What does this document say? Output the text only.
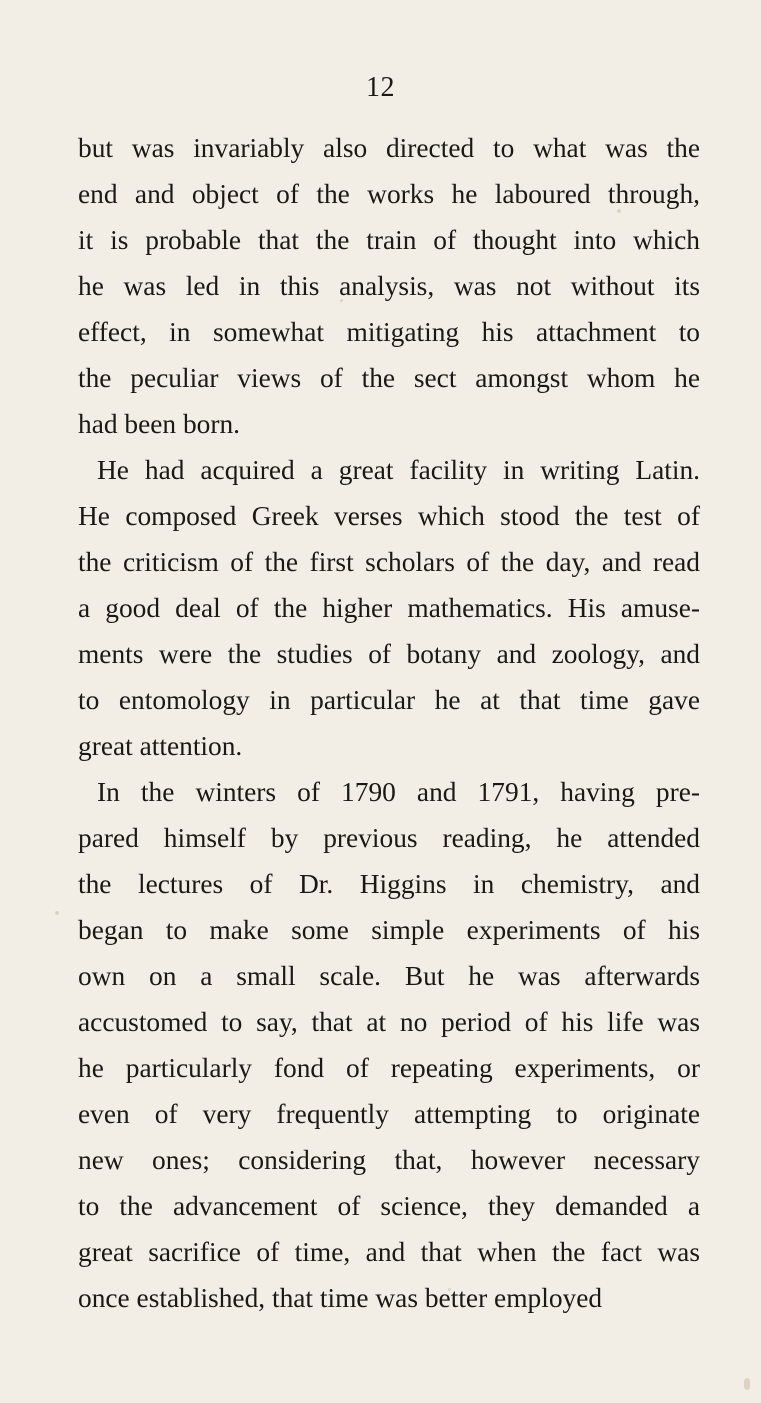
12
but was invariably also directed to what was the
end and object of the works he laboured through,
it is probable that the train of thought into which
he was led in this analysis, was not without its
effect, in somewhat mitigating his attachment to
the peculiar views of the sect amongst whom he
had been born.
He had acquired a great facility in writing Latin.
He composed Greek verses which stood the test of
the criticism of the first scholars of the day, and read
a good deal of the higher mathematics. His amuse-
ments were the studies of botany and zoology, and
to entomology in particular he at that time gave
great attention.
In the winters of 1790 and 1791, having pre-
pared himself by previous reading, he attended
the lectures of Dr. Higgins in chemistry, and
began to make some simple experiments of his
own on a small scale. But he was afterwards
accustomed to say, that at no period of his life was
he particularly fond of repeating experiments, or
even of very frequently attempting to originate
new ones; considering that, however necessary
to the advancement of science, they demanded a
great sacrifice of time, and that when the fact was
once established, that time was better employed
